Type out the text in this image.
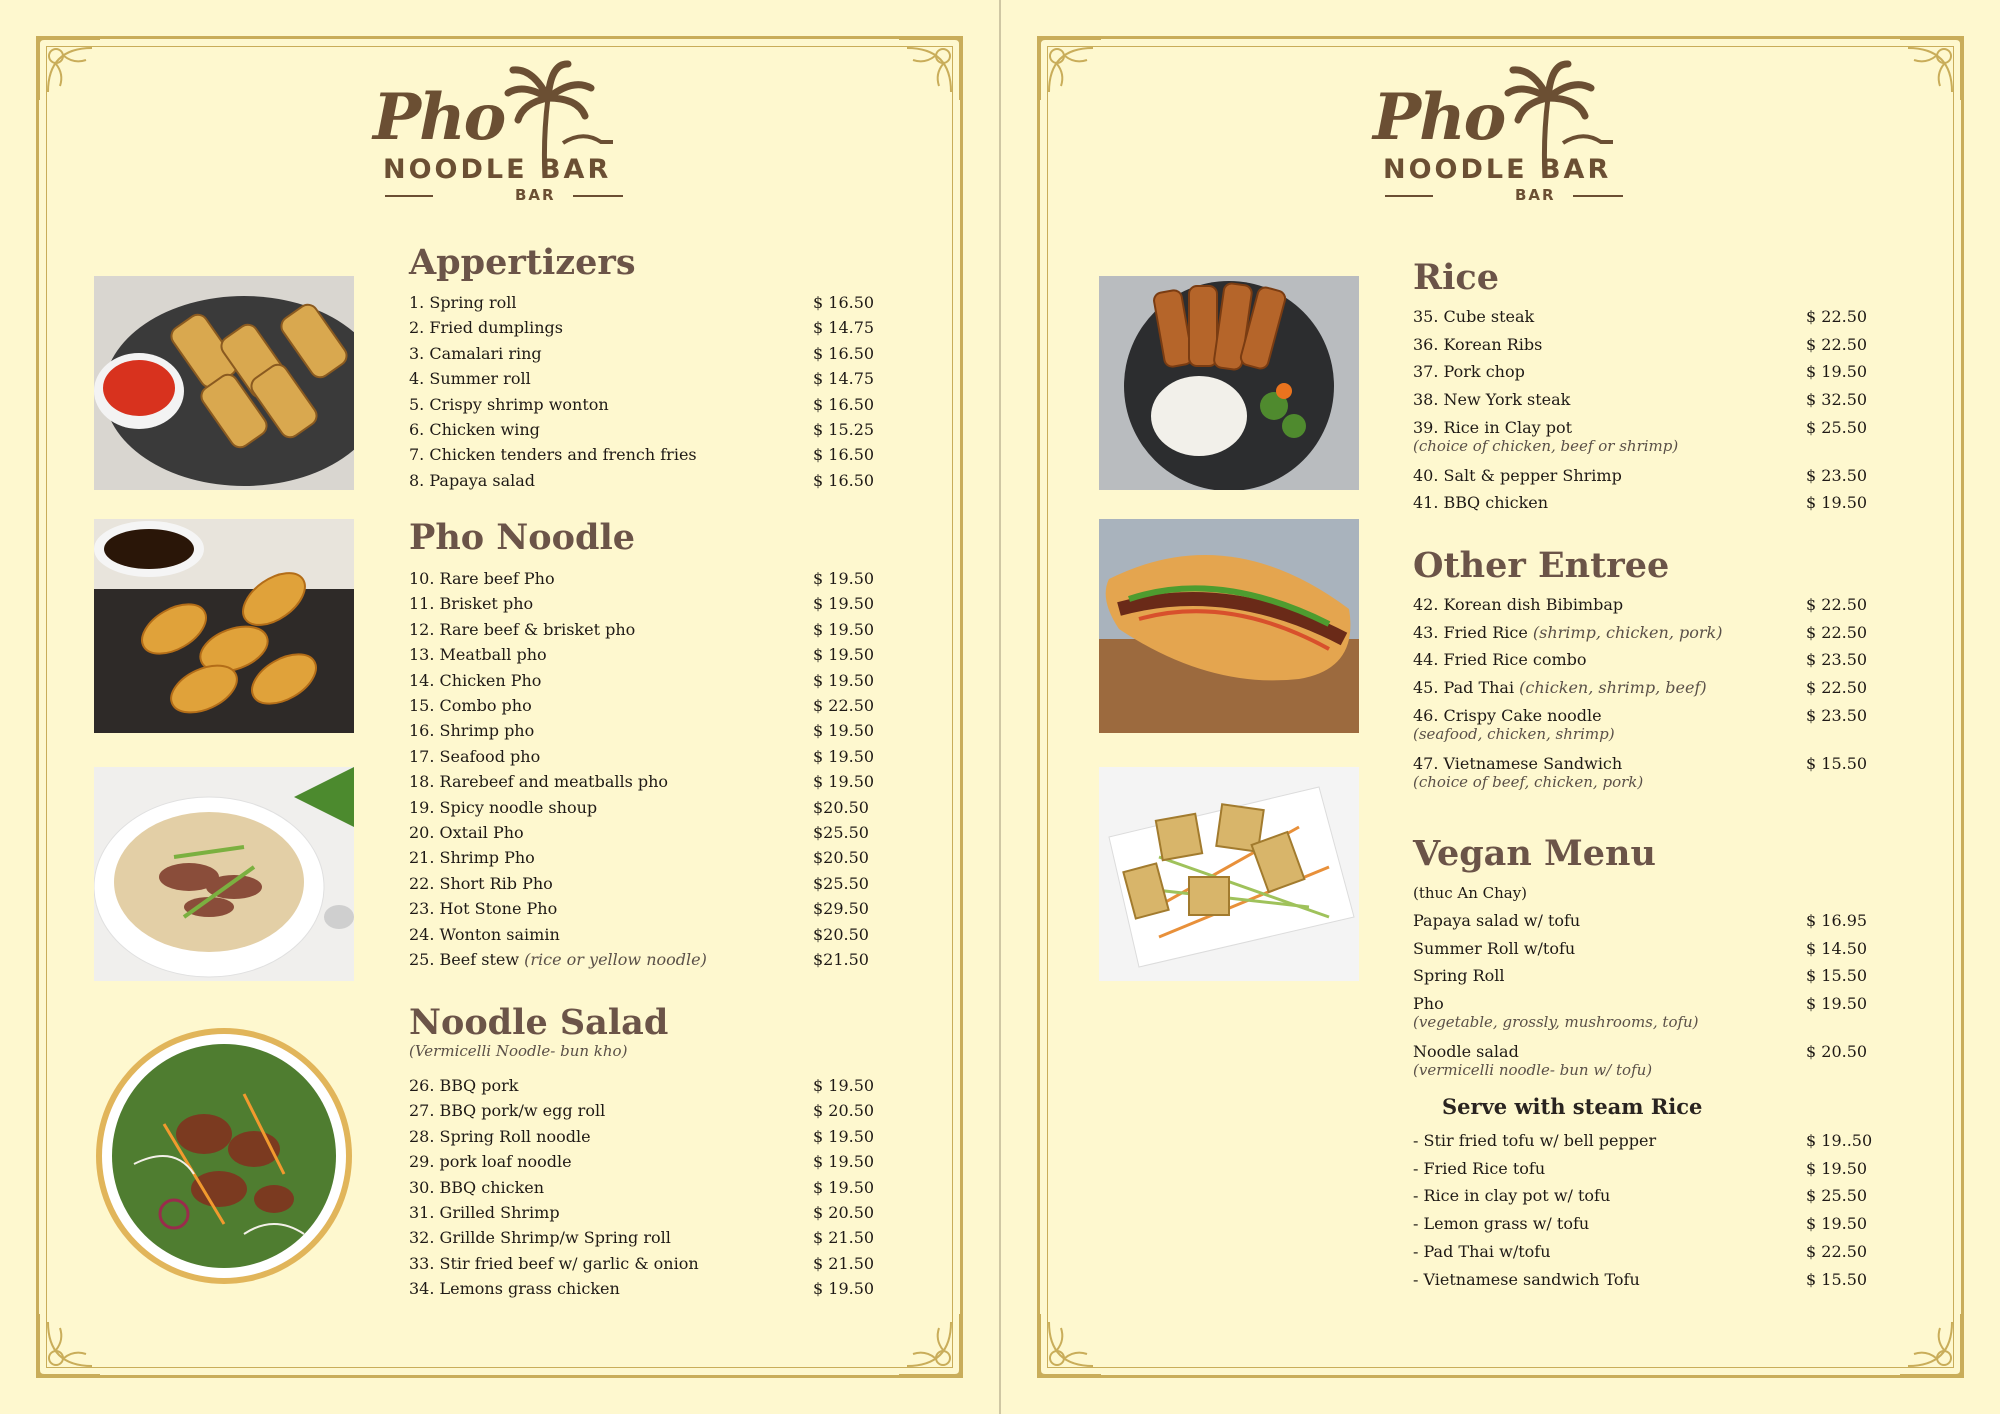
Pho
NOODLE BAR
BAR
Appertizers
1. Spring roll	$ 16.50
2. Fried dumplings	$ 14.75
3. Camalari ring	$ 16.50
4. Summer roll	$ 14.75
5. Crispy shrimp wonton	$ 16.50
6. Chicken wing	$ 15.25
7. Chicken tenders and french fries	$ 16.50
8. Papaya salad	$ 16.50
Pho Noodle
10. Rare beef Pho	$ 19.50
11. Brisket pho	$ 19.50
12. Rare beef & brisket pho	$ 19.50
13. Meatball pho	$ 19.50
14. Chicken Pho	$ 19.50
15. Combo pho	$ 22.50
16. Shrimp pho	$ 19.50
17. Seafood pho	$ 19.50
18. Rarebeef and meatballs pho	$ 19.50
19. Spicy noodle shoup	$20.50
20. Oxtail Pho	$25.50
21. Shrimp Pho	$20.50
22. Short Rib Pho	$25.50
23. Hot Stone Pho	$29.50
24. Wonton saimin	$20.50
25. Beef stew (rice or yellow noodle)	$21.50
Noodle Salad
(Vermicelli Noodle- bun kho)
26. BBQ pork	$ 19.50
27. BBQ pork/w egg roll	$ 20.50
28. Spring Roll noodle	$ 19.50
29. pork loaf noodle	$ 19.50
30. BBQ chicken	$ 19.50
31. Grilled Shrimp	$ 20.50
32. Grillde Shrimp/w Spring roll	$ 21.50
33. Stir fried beef w/ garlic & onion	$ 21.50
34. Lemons grass chicken	$ 19.50
Pho
NOODLE BAR
BAR
Rice
35. Cube steak	$ 22.50
36. Korean Ribs	$ 22.50
37. Pork chop	$ 19.50
38. New York steak	$ 32.50
39. Rice in Clay pot	$ 25.50
(choice of chicken, beef or shrimp)
40. Salt & pepper Shrimp	$ 23.50
41. BBQ chicken	$ 19.50
Other Entree
42. Korean dish Bibimbap	$ 22.50
43. Fried Rice (shrimp, chicken, pork)	$ 22.50
44. Fried Rice combo	$ 23.50
45. Pad Thai (chicken, shrimp, beef)	$ 22.50
46. Crispy Cake noodle	$ 23.50
(seafood, chicken, shrimp)
47. Vietnamese Sandwich	$ 15.50
(choice of beef, chicken, pork)
Vegan Menu
(thuc An Chay)
Papaya salad w/ tofu	$ 16.95
Summer Roll w/tofu	$ 14.50
Spring Roll	$ 15.50
Pho	$ 19.50
(vegetable, grossly, mushrooms, tofu)
Noodle salad	$ 20.50
(vermicelli noodle- bun w/ tofu)
Serve with steam Rice
- Stir fried tofu w/ bell pepper	$ 19..50
- Fried Rice tofu	$ 19.50
- Rice in clay pot w/ tofu	$ 25.50
- Lemon grass w/ tofu	$ 19.50
- Pad Thai w/tofu	$ 22.50
- Vietnamese sandwich Tofu	$ 15.50
